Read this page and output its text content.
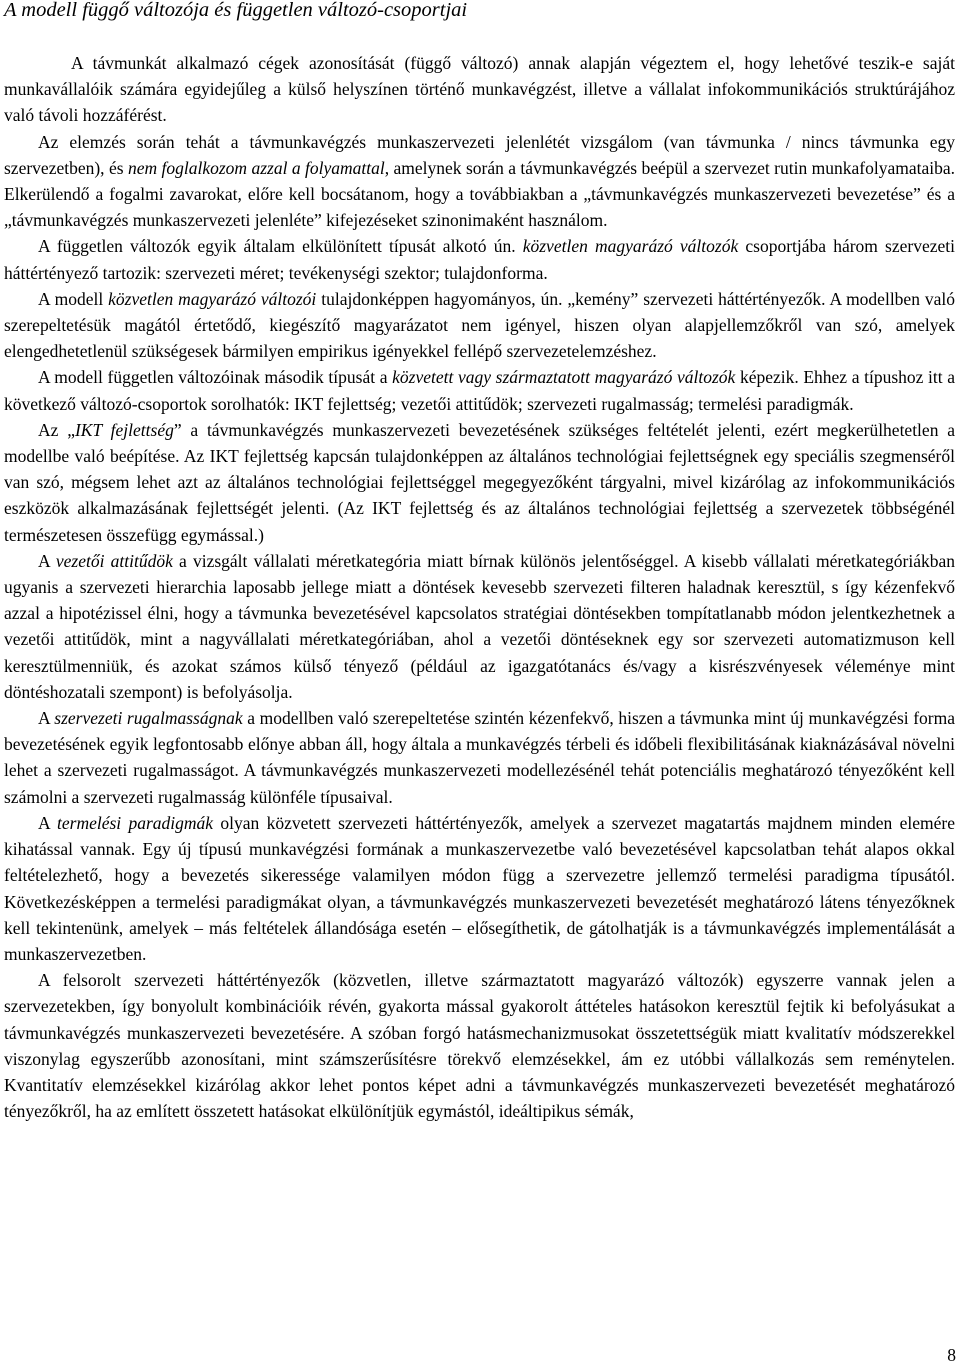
A modell függő változója és független változó-csoportjai

A távmunkát alkalmazó cégek azonosítását (függő változó) annak alapján végeztem el, hogy lehetővé teszik-e saját munkavállalóik számára egyidejűleg a külső helyszínen történő munkavégzést, illetve a vállalat infokommunikációs struktúrájához való távoli hozzáférést.

Az elemzés során tehát a távmunkavégzés munkaszervezeti jelenlétét vizsgálom (van távmunka / nincs távmunka egy szervezetben), és nem foglalkozom azzal a folyamattal, amelynek során a távmunkavégzés beépül a szervezet rutin munkafolyamataiba. Elkerülendő a fogalmi zavarokat, előre kell bocsátanom, hogy a továbbiakban a „távmunkavégzés munkaszervezeti bevezetése” és a „távmunkavégzés munkaszervezeti jelenléte” kifejezéseket szinonimaként használom.

A független változók egyik általam elkülönített típusát alkotó ún. közvetlen magyarázó változók csoportjába három szervezeti háttértényező tartozik: szervezeti méret; tevékenységi szektor; tulajdonforma.

A modell közvetlen magyarázó változói tulajdonképpen hagyományos, ún. „kemény” szervezeti háttértényezők. A modellben való szerepeltetésük magától értetődő, kiegészítő magyarázatot nem igényel, hiszen olyan alapjellemzőkről van szó, amelyek elengedhetetlenül szükségesek bármilyen empirikus igényekkel fellépő szervezetelemzéshez.

A modell független változóinak második típusát a közvetett vagy származtatott magyarázó változók képezik. Ehhez a típushoz itt a következő változó-csoportok sorolhatók: IKT fejlettség; vezetői attitűdök; szervezeti rugalmasság; termelési paradigmák.

Az „IKT fejlettség” a távmunkavégzés munkaszervezeti bevezetésének szükséges feltételét jelenti, ezért megkerülhetetlen a modellbe való beépítése. Az IKT fejlettség kapcsán tulajdonképpen az általános technológiai fejlettségnek egy speciális szegmenséről van szó, mégsem lehet azt az általános technológiai fejlettséggel megegyezőként tárgyalni, mivel kizárólag az infokommunikációs eszközök alkalmazásának fejlettségét jelenti. (Az IKT fejlettség és az általános technológiai fejlettség a szervezetek többségénél természetesen összefügg egymással.)

A vezetői attitűdök a vizsgált vállalati méretkategória miatt bírnak különös jelentőséggel. A kisebb vállalati méretkategóriákban ugyanis a szervezeti hierarchia laposabb jellege miatt a döntések kevesebb szervezeti filteren haladnak keresztül, s így kézenfekvő azzal a hipotézissel élni, hogy a távmunka bevezetésével kapcsolatos stratégiai döntésekben tompítatlanabb módon jelentkezhetnek a vezetői attitűdök, mint a nagyvállalati méretkategóriában, ahol a vezetői döntéseknek egy sor szervezeti automatizmuson kell keresztülmenniük, és azokat számos külső tényező (például az igazgatótanács és/vagy a kisrészvényesek véleménye mint döntéshozatali szempont) is befolyásolja.

A szervezeti rugalmasságnak a modellben való szerepeltetése szintén kézenfekvő, hiszen a távmunka mint új munkavégzési forma bevezetésének egyik legfontosabb előnye abban áll, hogy általa a munkavégzés térbeli és időbeli flexibilitásának kiaknázásával növelni lehet a szervezeti rugalmasságot. A távmunkavégzés munkaszervezeti modellezésénél tehát potenciális meghatározó tényezőként kell számolni a szervezeti rugalmasság különféle típusaival.

A termelési paradigmák olyan közvetett szervezeti háttértényezők, amelyek a szervezet magatartás majdnem minden elemére kihatással vannak. Egy új típusú munkavégzési formának a munkaszervezetbe való bevezetésével kapcsolatban tehát alapos okkal feltételezhető, hogy a bevezetés sikeressége valamilyen módon függ a szervezetre jellemző termelési paradigma típusától. Következésképpen a termelési paradigmákat olyan, a távmunkavégzés munkaszervezeti bevezetését meghatározó látens tényezőknek kell tekintenünk, amelyek – más feltételek állandósága esetén – elősegíthetik, de gátolhatják is a távmunkavégzés implementálását a munkaszervezetben.

A felsorolt szervezeti háttértényezők (közvetlen, illetve származtatott magyarázó változók) egyszerre vannak jelen a szervezetekben, így bonyolult kombinációik révén, gyakorta mással gyakorolt áttételes hatásokon keresztül fejtik ki befolyásukat a távmunkavégzés munkaszervezeti bevezetésére. A szóban forgó hatásmechanizmusokat összetettségük miatt kvalitatív módszerekkel viszonylag egyszerűbb azonosítani, mint számszerűsítésre törekvő elemzésekkel, ám ez utóbbi vállalkozás sem reménytelen. Kvantitatív elemzésekkel kizárólag akkor lehet pontos képet adni a távmunkavégzés munkaszervezeti bevezetését meghatározó tényezőkről, ha az említett összetett hatásokat elkülönítjük egymástól, ideáltipikus sémák,

8
